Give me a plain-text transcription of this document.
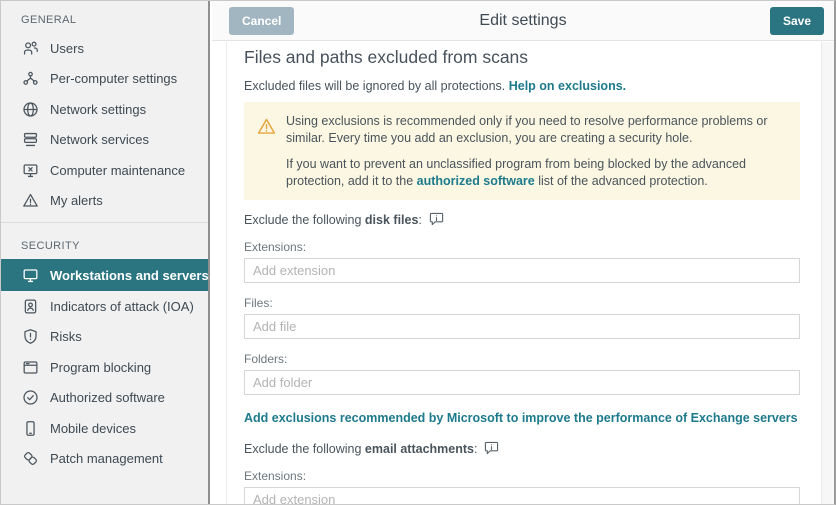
GENERAL
Users
Per-computer settings
Network settings
Network services
Computer maintenance
My alerts
SECURITY
Workstations and servers
Indicators of attack (IOA)
Risks
Program blocking
Authorized software
Mobile devices
Patch management
Edit settings
Cancel	Save
Files and paths excluded from scans
Excluded files will be ignored by all protections. Help on exclusions.

Using exclusions is recommended only if you need to resolve performance problems or similar. Every time you add an exclusion, you are creating a security hole.

If you want to prevent an unclassified program from being blocked by the advanced protection, add it to the authorized software list of the advanced protection.

Exclude the following
disk files :
Extensions:
Add extension
Files:
Add file
Folders:
Add folder
Add exclusions recommended by Microsoft to improve the performance of Exchange servers
Exclude the following
email attachments :
Extensions:
Add extension
